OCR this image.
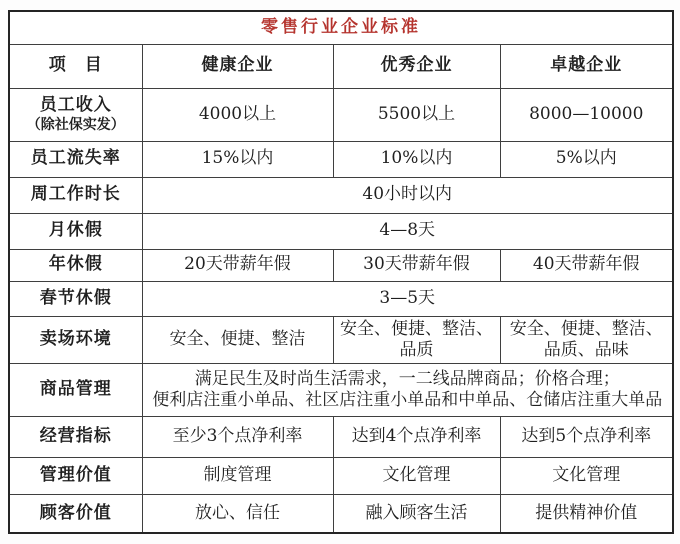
零售行业企业标准			
项　目	健康企业	优秀企业	卓越企业
员工收入
（除社保实发）	4000以上	5500以上	8000—10000
员工流失率	15%以内	10%以内	5%以内
周工作时长	40小时以内		
月休假	4—8天		
年休假	20天带薪年假	30天带薪年假	40天带薪年假
春节休假	3—5天		
卖场环境	安全、便捷、整洁	安全、便捷、整洁、品质	安全、便捷、整洁、品质、品味
商品管理	满足民生及时尚生活需求，一二线品牌商品；价格合理；
便利店注重小单品、社区店注重小单品和中单品、仓储店注重大单品		

经营指标	至少3个点净利率	达到4个点净利率	达到5个点净利率
管理价值	制度管理	文化管理	文化管理
顾客价值	放心、信任	融入顾客生活	提供精神价值
